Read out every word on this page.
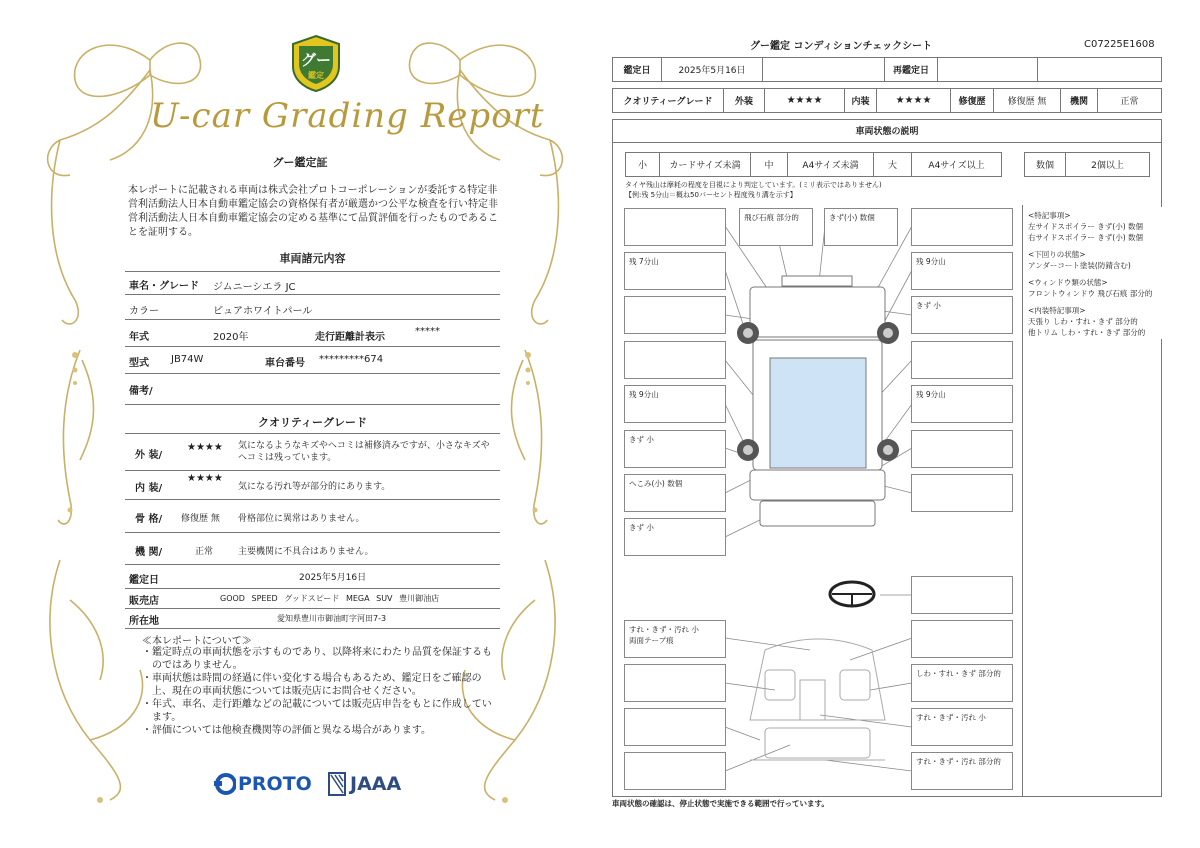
グー
鑑定
U-car Grading Report
グー鑑定証
本レポートに記載される車両は株式会社プロトコーポレーションが委託する特定非営利活動法人日本自動車鑑定協会の資格保有者が厳選かつ公平な検査を行い特定非営利活動法人日本自動車鑑定協会の定める基準にて品質評価を行ったものであることを証明する。
車両諸元内容
車名・グレード ジムニーシエラ JC
カラー	ピュアホワイトパール
年式	2020年	走行距離計表示
*****
型式 JB74W	車台番号 *********674
備考/
クオリティーグレード
外 装/
★★★★ 気になるようなキズやヘコミは補修済みですが、小さなキズやヘコミは残っています。
内 装/
★★★★
気になる汚れ等が部分的にあります。
骨 格/ 修復歴 無 骨格部位に異常はありません。
機 関/	正常	主要機関に不具合はありません。
鑑定日	2025年5月16日
販売店	GOOD SPEED グッドスピード MEGA SUV 豊川御油店
所在地	愛知県豊川市御油町字河田7-3
≪本レポートについて≫
・鑑定時点の車両状態を示すものであり、以降将来にわたり品質を保証するものではありません。
・車両状態は時間の経過に伴い変化する場合もあるため、鑑定日をご確認の上、現在の車両状態については販売店にお問合せください。
・年式、車名、走行距離などの記載については販売店申告をもとに作成しています。
・評価については他検査機関等の評価と異なる場合があります。
PROTO JAAA
グー鑑定 コンディションチェックシート	C07225E1608
鑑定日	2025年5月16日	再鑑定日
クオリティーグレード	外装	★★★★	内装	★★★★	修復歴	修復歴 無	機関	正常
車両状態の説明
小	カードサイズ未満	中	A4サイズ未満	大	A4サイズ以上	数個	2個以上
タイヤ残山は摩耗の程度を目視により判定しています。(ミリ表示ではありません)
【例:残 5分山＝概ね50パーセント程度残り溝を示す】
<特記事項>
左サイドスポイラー きず(小) 数個
右サイドスポイラー きず(小) 数個
<下回りの状態>
アンダーコート塗装(防錆含む)
<ウィンドウ類の状態>
フロントウィンドウ 飛び石痕 部分的
<内装特記事項>
天張り しわ・すれ・きず 部分的
他トリム しわ・すれ・きず 部分的
飛び石痕 部分的	きず(小) 数個
残 7分山	残 9分山
きず 小
残 9分山	残 9分山
きず 小
へこみ(小) 数個
きず 小
すれ・きず・汚れ 小
両面テープ痕
しわ・すれ・きず 部分的
すれ・きず・汚れ 小
すれ・きず・汚れ 部分的
車両状態の確認は、停止状態で実施できる範囲で行っています。
